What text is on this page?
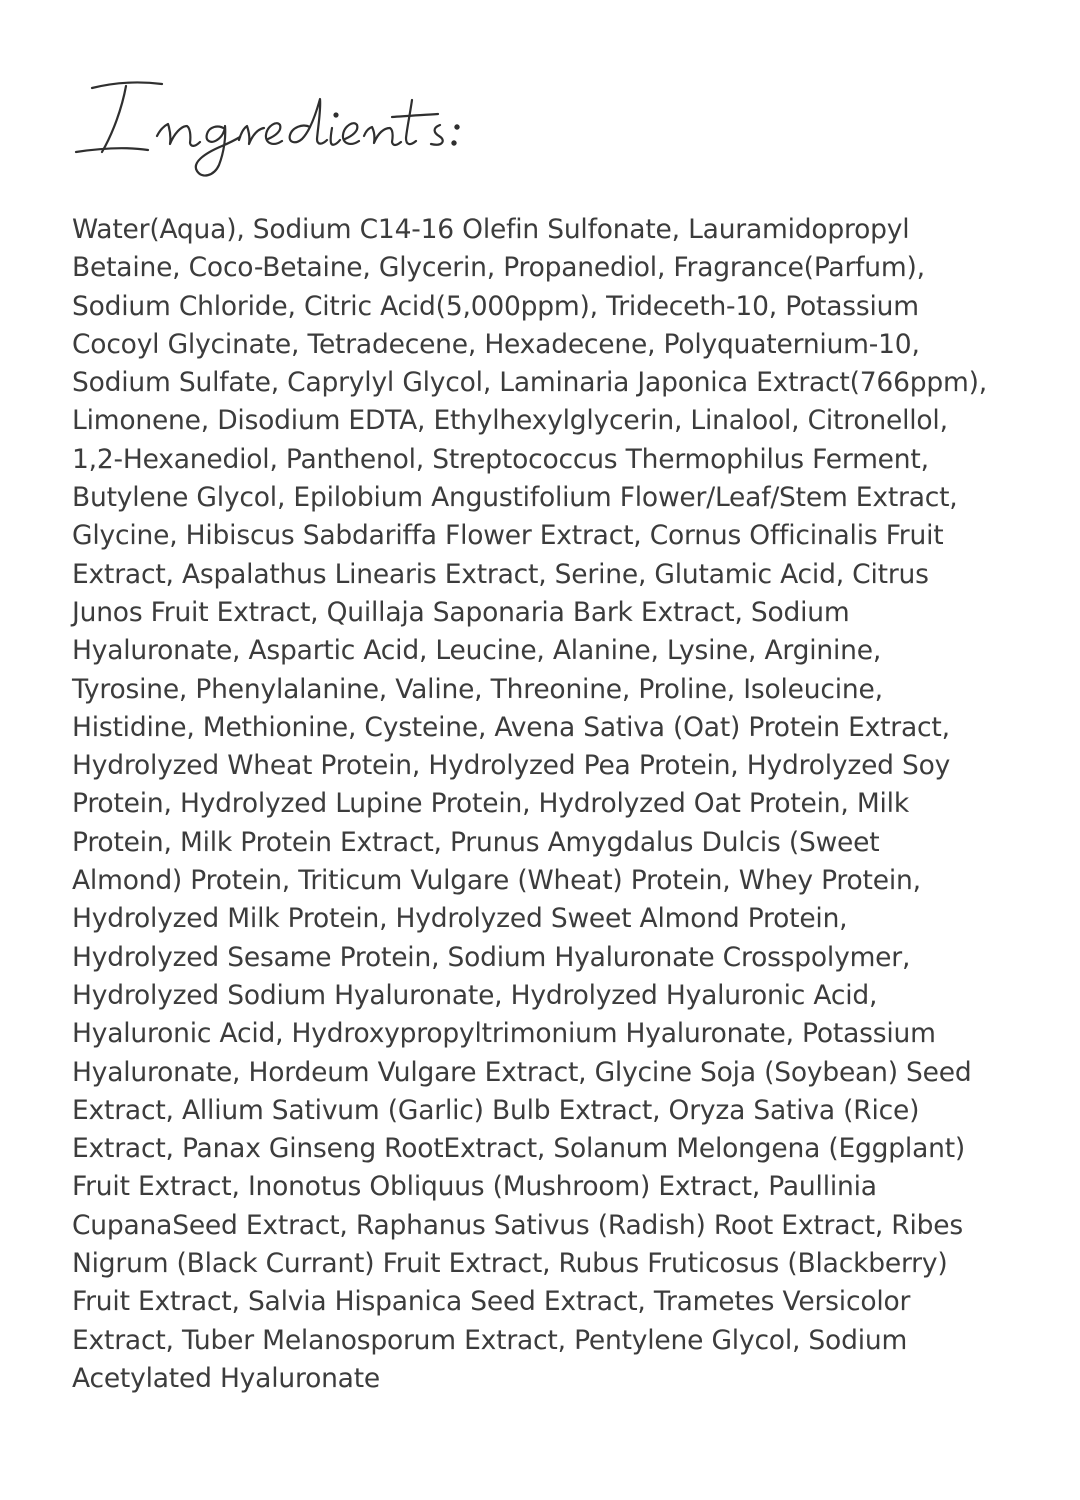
Water(Aqua), Sodium C14-16 Olefin Sulfonate, Lauramidopropyl
Betaine, Coco-Betaine, Glycerin, Propanediol, Fragrance(Parfum),
Sodium Chloride, Citric Acid(5,000ppm), Trideceth-10, Potassium
Cocoyl Glycinate, Tetradecene, Hexadecene, Polyquaternium-10,
Sodium Sulfate, Caprylyl Glycol, Laminaria Japonica Extract(766ppm),
Limonene, Disodium EDTA, Ethylhexylglycerin, Linalool, Citronellol,
1,2-Hexanediol, Panthenol, Streptococcus Thermophilus Ferment,
Butylene Glycol, Epilobium Angustifolium Flower/Leaf/Stem Extract,
Glycine, Hibiscus Sabdariffa Flower Extract, Cornus Officinalis Fruit
Extract, Aspalathus Linearis Extract, Serine, Glutamic Acid, Citrus
Junos Fruit Extract, Quillaja Saponaria Bark Extract, Sodium
Hyaluronate, Aspartic Acid, Leucine, Alanine, Lysine, Arginine,
Tyrosine, Phenylalanine, Valine, Threonine, Proline, Isoleucine,
Histidine, Methionine, Cysteine, Avena Sativa (Oat) Protein Extract,
Hydrolyzed Wheat Protein, Hydrolyzed Pea Protein, Hydrolyzed Soy
Protein, Hydrolyzed Lupine Protein, Hydrolyzed Oat Protein, Milk
Protein, Milk Protein Extract, Prunus Amygdalus Dulcis (Sweet
Almond) Protein, Triticum Vulgare (Wheat) Protein, Whey Protein,
Hydrolyzed Milk Protein, Hydrolyzed Sweet Almond Protein,
Hydrolyzed Sesame Protein, Sodium Hyaluronate Crosspolymer,
Hydrolyzed Sodium Hyaluronate, Hydrolyzed Hyaluronic Acid,
Hyaluronic Acid, Hydroxypropyltrimonium Hyaluronate, Potassium
Hyaluronate, Hordeum Vulgare Extract, Glycine Soja (Soybean) Seed
Extract, Allium Sativum (Garlic) Bulb Extract, Oryza Sativa (Rice)
Extract, Panax Ginseng RootExtract, Solanum Melongena (Eggplant)
Fruit Extract, Inonotus Obliquus (Mushroom) Extract, Paullinia
CupanaSeed Extract, Raphanus Sativus (Radish) Root Extract, Ribes
Nigrum (Black Currant) Fruit Extract, Rubus Fruticosus (Blackberry)
Fruit Extract, Salvia Hispanica Seed Extract, Trametes Versicolor
Extract, Tuber Melanosporum Extract, Pentylene Glycol, Sodium
Acetylated Hyaluronate
